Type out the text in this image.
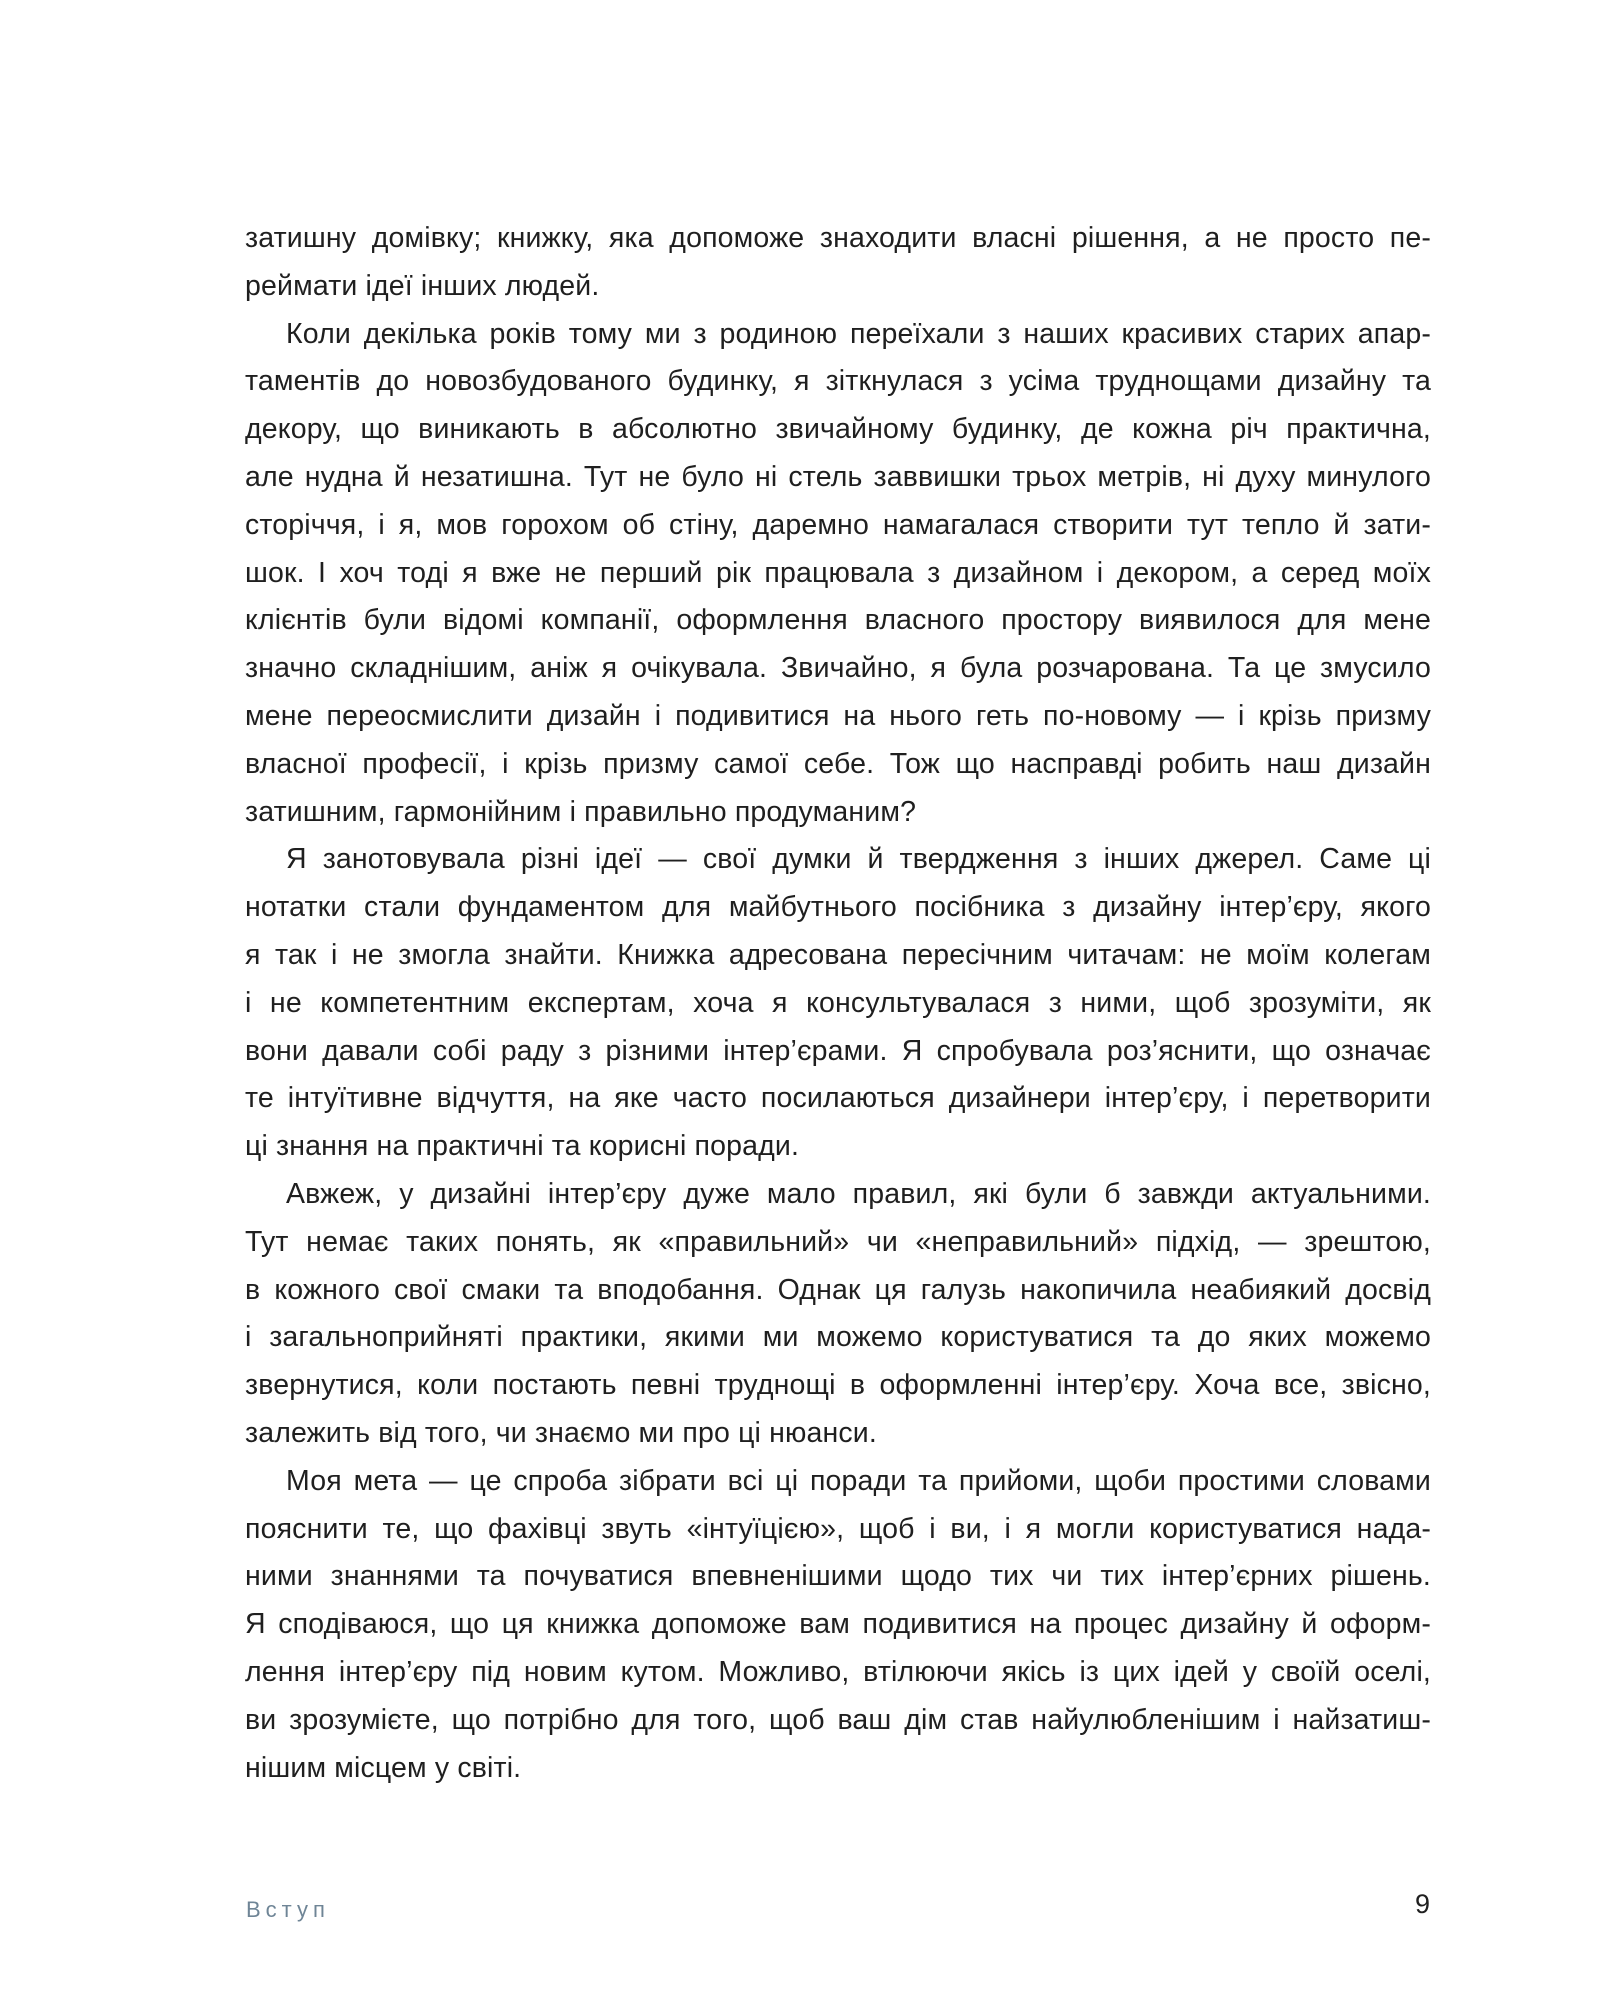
затишну домівку; книжку, яка допоможе знаходити власні рішення, а не просто пе-
реймати ідеї інших людей.
Коли декілька років тому ми з родиною переїхали з наших красивих старих апар-
таментів до новозбудованого будинку, я зіткнулася з усіма труднощами дизайну та
декору, що виникають в абсолютно звичайному будинку, де кожна річ практична,
але нудна й незатишна. Тут не було ні стель заввишки трьох метрів, ні духу минулого
сторіччя, і я, мов горохом об стіну, даремно намагалася створити тут тепло й зати-
шок. І хоч тоді я вже не перший рік працювала з дизайном і декором, а серед моїх
клієнтів були відомі компанії, оформлення власного простору виявилося для мене
значно складнішим, аніж я очікувала. Звичайно, я була розчарована. Та це змусило
мене переосмислити дизайн і подивитися на нього геть по-новому — і крізь призму
власної професії, і крізь призму самої себе. Тож що насправді робить наш дизайн
затишним, гармонійним і правильно продуманим?
Я занотовувала різні ідеї — свої думки й твердження з інших джерел. Саме ці
нотатки стали фундаментом для майбутнього посібника з дизайну інтер’єру, якого
я так і не змогла знайти. Книжка адресована пересічним читачам: не моїм колегам
і не компетентним експертам, хоча я консультувалася з ними, щоб зрозуміти, як
вони давали собі раду з різними інтер’єрами. Я спробувала роз’яснити, що означає
те інтуїтивне відчуття, на яке часто посилаються дизайнери інтер’єру, і перетворити
ці знання на практичні та корисні поради.
Авжеж, у дизайні інтер’єру дуже мало правил, які були б завжди актуальними.
Тут немає таких понять, як «правильний» чи «неправильний» підхід, — зрештою,
в кожного свої смаки та вподобання. Однак ця галузь накопичила неабиякий досвід
і загальноприйняті практики, якими ми можемо користуватися та до яких можемо
звернутися, коли постають певні труднощі в оформленні інтер’єру. Хоча все, звісно,
залежить від того, чи знаємо ми про ці нюанси.
Моя мета — це спроба зібрати всі ці поради та прийоми, щоби простими словами
пояснити те, що фахівці звуть «інтуїцією», щоб і ви, і я могли користуватися нада-
ними знаннями та почуватися впевненішими щодо тих чи тих інтер’єрних рішень.
Я сподіваюся, що ця книжка допоможе вам подивитися на процес дизайну й оформ-
лення інтер’єру під новим кутом. Можливо, втілюючи якісь із цих ідей у своїй оселі,
ви зрозумієте, що потрібно для того, щоб ваш дім став найулюбленішим і найзатиш-
нішим місцем у світі.
Вступ	9
